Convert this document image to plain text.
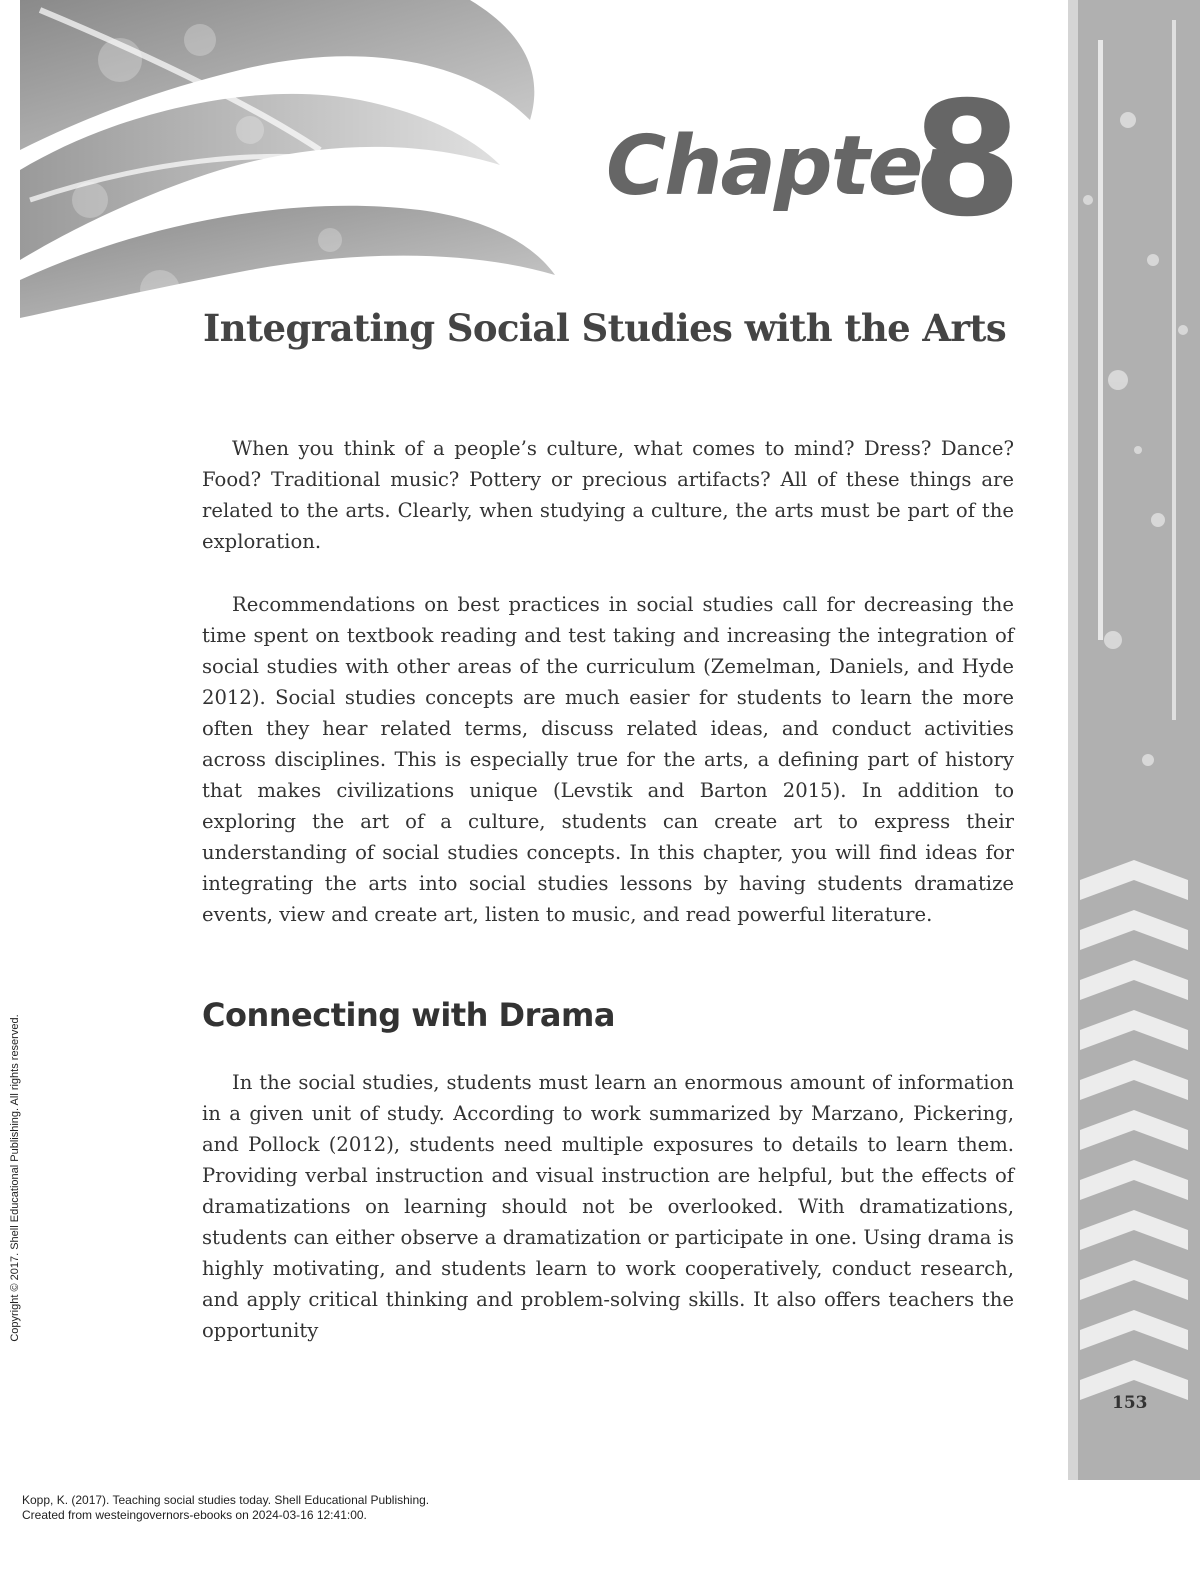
Chapter
8
Integrating Social Studies with the Arts

When you think of a people’s culture, what comes to mind? Dress? Dance? Food? Traditional music? Pottery or precious artifacts? All of these things are related to the arts. Clearly, when studying a culture, the arts must be part of the exploration.

Recommendations on best practices in social studies call for decreasing the time spent on textbook reading and test taking and increasing the integration of social studies with other areas of the curriculum (Zemelman, Daniels, and Hyde 2012). Social studies concepts are much easier for students to learn the more often they hear related terms, discuss related ideas, and conduct activities across disciplines. This is especially true for the arts, a defining part of history that makes civilizations unique (Levstik and Barton 2015). In addition to exploring the art of a culture, students can create art to express their understanding of social studies concepts. In this chapter, you will find ideas for integrating the arts into social studies lessons by having students dramatize events, view and create art, listen to music, and read powerful literature.

Connecting with Drama

In the social studies, students must learn an enormous amount of information in a given unit of study. According to work summarized by Marzano, Pickering, and Pollock (2012), students need multiple exposures to details to learn them. Providing verbal instruction and visual instruction are helpful, but the effects of dramatizations on learning should not be overlooked. With dramatizations, students can either observe a dramatization or participate in one. Using drama is highly motivating, and students learn to work cooperatively, conduct research, and apply critical thinking and problem-solving skills. It also offers teachers the opportunity

153
Copyright © 2017. Shell Educational Publishing. All rights reserved.
Kopp, K. (2017). Teaching social studies today. Shell Educational Publishing.
Created from westeingovernors-ebooks on 2024-03-16 12:41:00.
